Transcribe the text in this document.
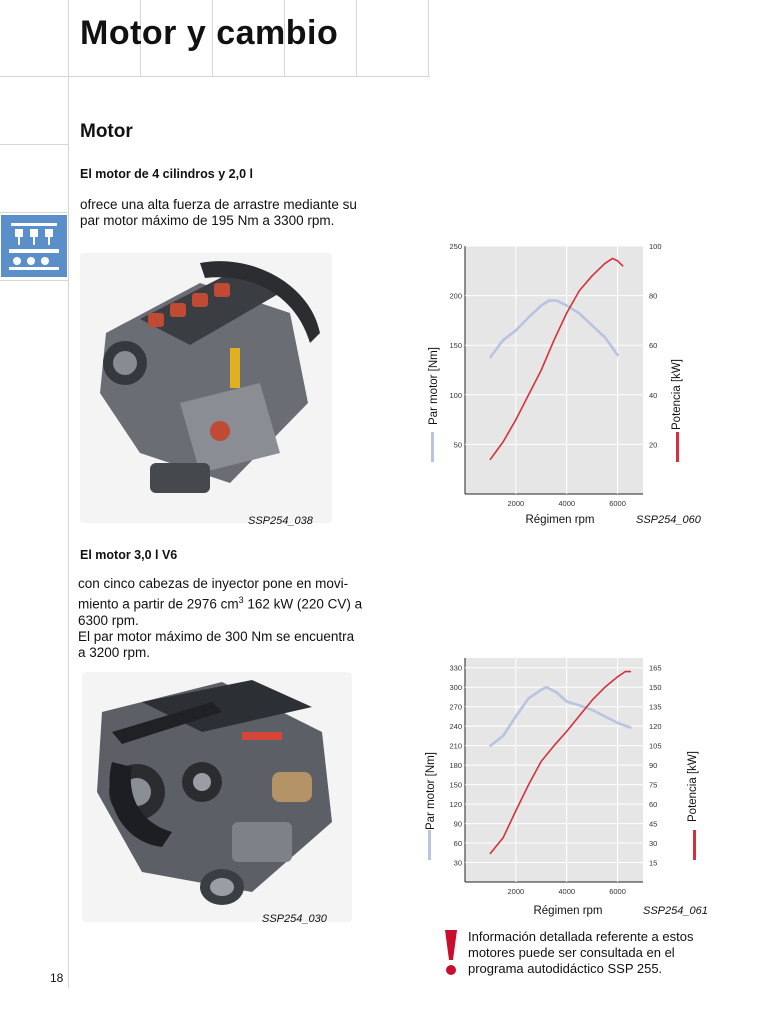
Motor y cambio
Motor
El motor de 4 cilindros y 2,0 l
ofrece una alta fuerza de arrastre mediante su
par motor máximo de 195 Nm a 3300 rpm.
SSP254_038
2000	4000	6000
50
100
150
200
250
20
40
60
80
100
Régimen rpm
Par motor [Nm]	Potencia [kW]
SSP254_060
El motor 3,0 l V6
con cinco cabezas de inyector pone en movi-
miento a partir de 2976 $cm^3$ 162 kW (220 CV) a
6300 rpm.
El par motor máximo de 300 Nm se encuentra
a 3200 rpm.
SSP254_030
2000	4000	6000
30
60
90
120
150
180
210
240
270
300
330
15
30
45
60
75
90
105
120
135
150
165
Régimen rpm
Par motor [Nm]	Potencia [kW]
SSP254_061
Información detallada referente a estos
motores puede ser consultada en el
programa autodidáctico SSP 255.
18
